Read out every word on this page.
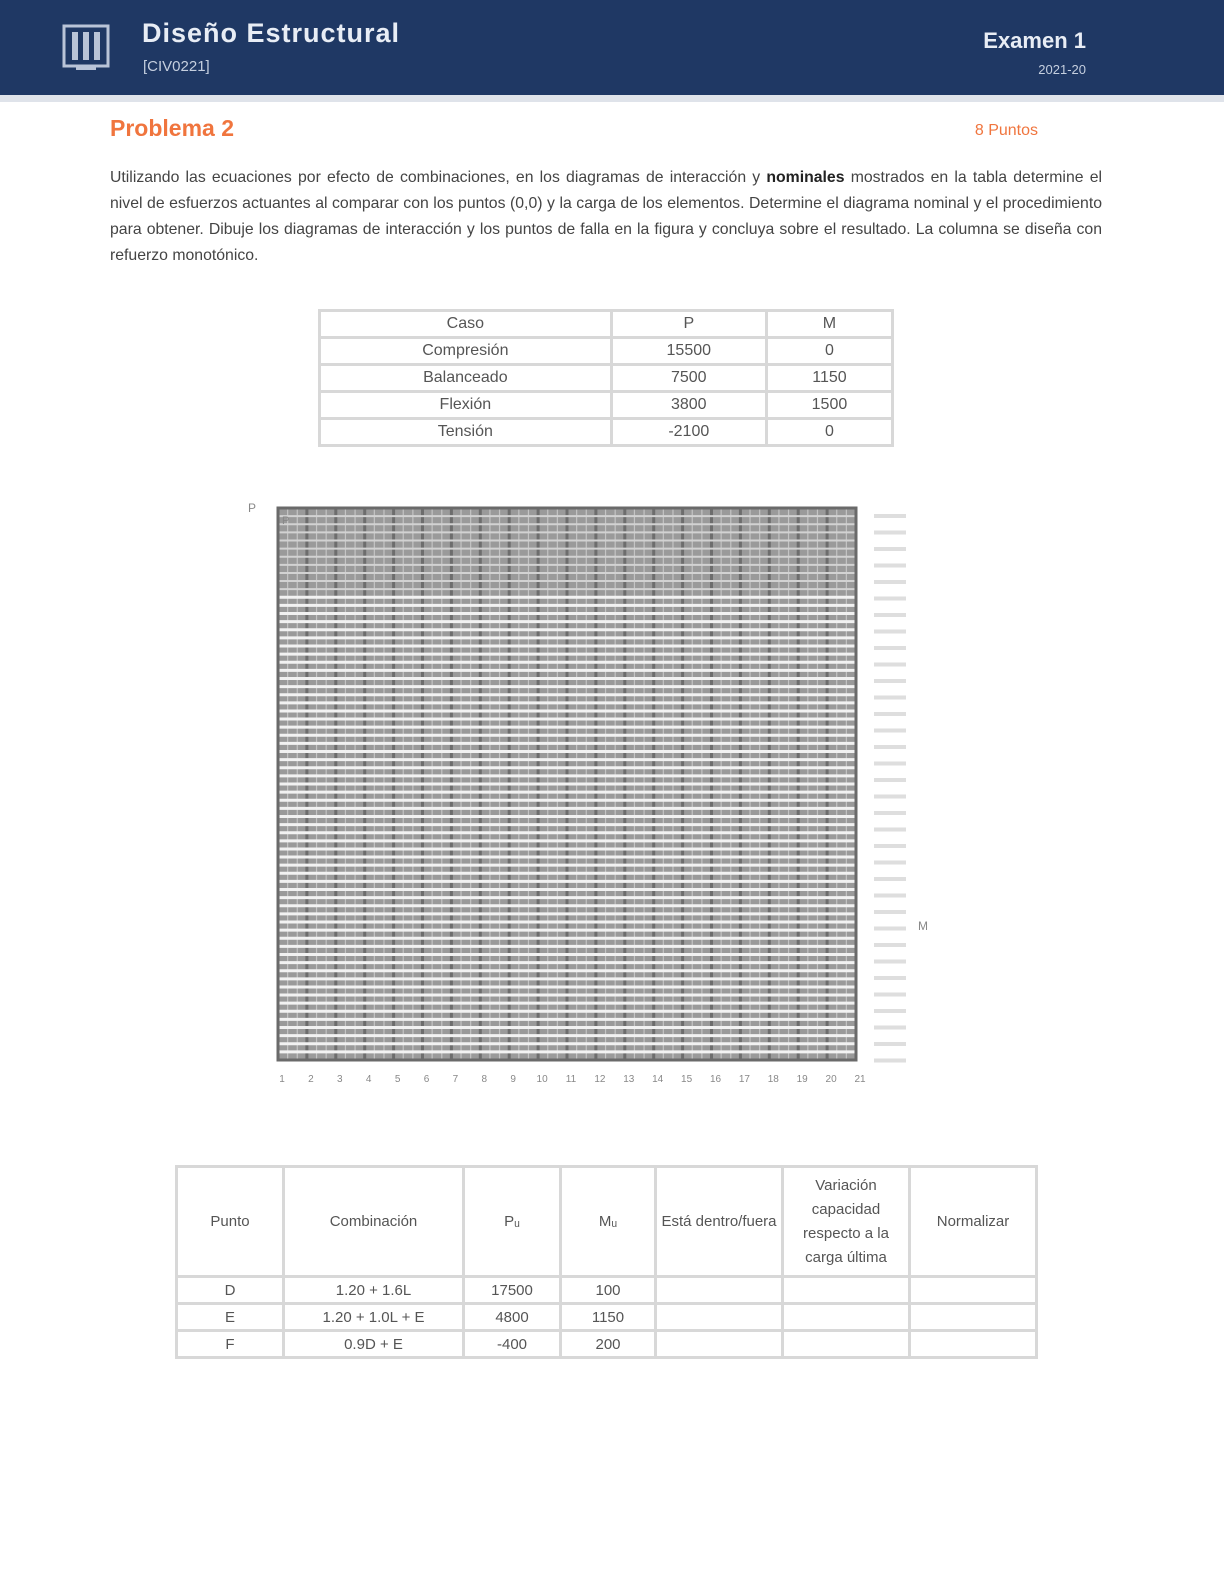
Diseño Estructural
[CIV0221]
Examen 1
2021-20
Problema 2	8 Puntos
Utilizando las ecuaciones por efecto de combinaciones, en los diagramas de interacción y nominales mostrados en la tabla determine el nivel de esfuerzos actuantes al comparar con los puntos (0,0) y la carga de los elementos. Determine el diagrama nominal y el procedimiento para obtener. Dibuje los diagramas de interacción y los puntos de falla en la figura y concluya sobre el resultado. La columna se diseña con refuerzo monotónico.
Caso	P	M
Compresión	15500	0
Balanceado	7500	1150
Flexión	3800	1500
Tensión	-2100	0
P
P
M
1 2 3 4 5 6 7 8 9 10 11 12 13 14 15 16 17 18 19 20 21
Punto	Combinación	Pᵤ	Mᵤ	Está dentro/fuera	Variación capacidad respecto a la carga última	Normalizar
D	1.20 + 1.6L	17500	100			
E	1.20 + 1.0L + E	4800	1150			
F	0.9D + E	-400	200			
